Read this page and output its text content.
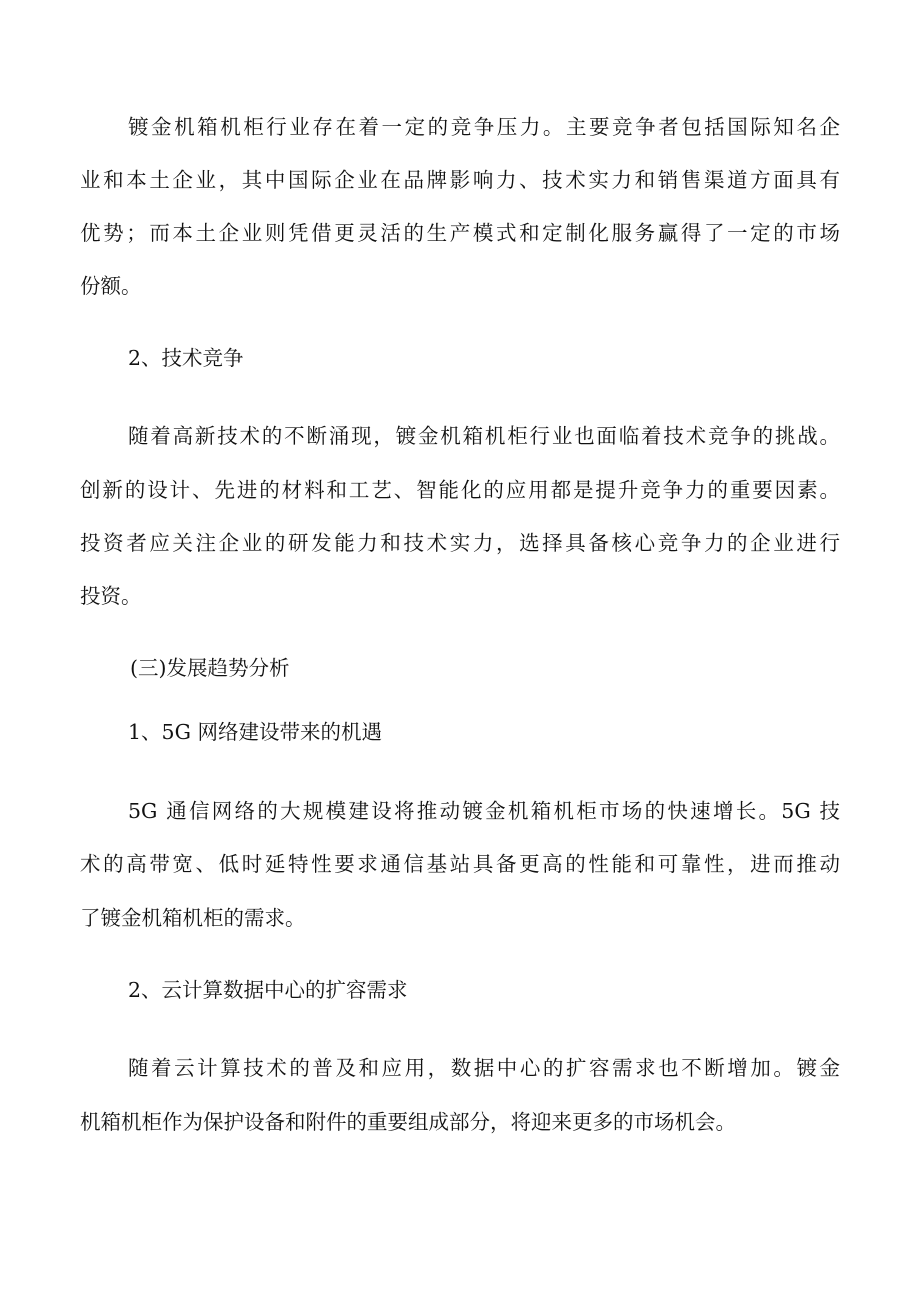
镀金机箱机柜行业存在着一定的竞争压力。主要竞争者包括国际知名企
业和本土企业，其中国际企业在品牌影响力、技术实力和销售渠道方面具有
优势；而本土企业则凭借更灵活的生产模式和定制化服务赢得了一定的市场
份额。
2、技术竞争
随着高新技术的不断涌现，镀金机箱机柜行业也面临着技术竞争的挑战。
创新的设计、先进的材料和工艺、智能化的应用都是提升竞争力的重要因素。
投资者应关注企业的研发能力和技术实力，选择具备核心竞争力的企业进行
投资。
(三)发展趋势分析
1、5G 网络建设带来的机遇
5G 通信网络的大规模建设将推动镀金机箱机柜市场的快速增长。5G 技
术的高带宽、低时延特性要求通信基站具备更高的性能和可靠性，进而推动
了镀金机箱机柜的需求。
2、云计算数据中心的扩容需求
随着云计算技术的普及和应用，数据中心的扩容需求也不断增加。镀金
机箱机柜作为保护设备和附件的重要组成部分，将迎来更多的市场机会。
